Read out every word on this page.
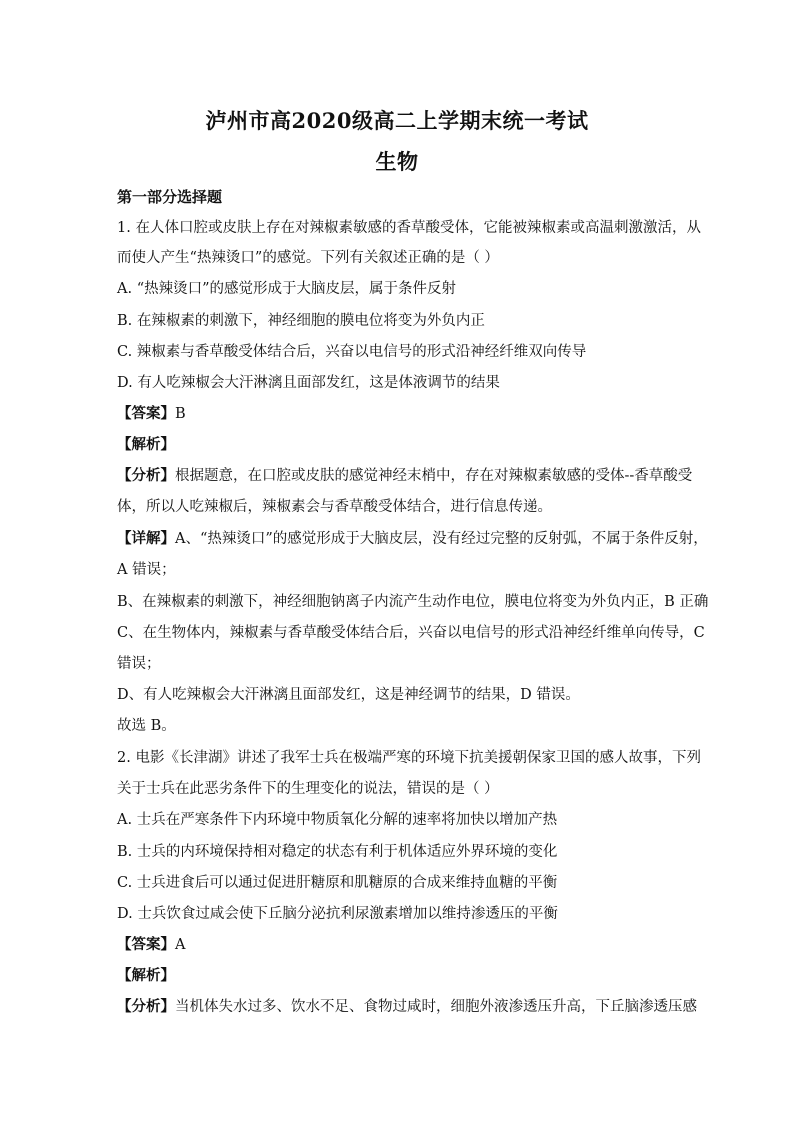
泸州市高2020级高二上学期末统一考试
生物
第一部分选择题
1. 在人体口腔或皮肤上存在对辣椒素敏感的香草酸受体，它能被辣椒素或高温刺激激活，从
而使人产生“热辣烫口”的感觉。下列有关叙述正确的是（ ）
A. “热辣烫口”的感觉形成于大脑皮层，属于条件反射
B. 在辣椒素的刺激下，神经细胞的膜电位将变为外负内正
C. 辣椒素与香草酸受体结合后，兴奋以电信号的形式沿神经纤维双向传导
D. 有人吃辣椒会大汗淋漓且面部发红，这是体液调节的结果
【答案】B
【解析】
【分析】根据题意，在口腔或皮肤的感觉神经末梢中，存在对辣椒素敏感的受体--香草酸受
体，所以人吃辣椒后，辣椒素会与香草酸受体结合，进行信息传递。
【详解】A、“热辣烫口”的感觉形成于大脑皮层，没有经过完整的反射弧，不属于条件反射，
A 错误；
B、在辣椒素的刺激下，神经细胞钠离子内流产生动作电位，膜电位将变为外负内正，B 正确
C、在生物体内，辣椒素与香草酸受体结合后，兴奋以电信号的形式沿神经纤维单向传导，C
错误；
D、有人吃辣椒会大汗淋漓且面部发红，这是神经调节的结果，D 错误。
故选 B。
2. 电影《长津湖》讲述了我军士兵在极端严寒的环境下抗美援朝保家卫国的感人故事，下列
关于士兵在此恶劣条件下的生理变化的说法，错误的是（ ）
A. 士兵在严寒条件下内环境中物质氧化分解的速率将加快以增加产热
B. 士兵的内环境保持相对稳定的状态有利于机体适应外界环境的变化
C. 士兵进食后可以通过促进肝糖原和肌糖原的合成来维持血糖的平衡
D. 士兵饮食过咸会使下丘脑分泌抗利尿激素增加以维持渗透压的平衡
【答案】A
【解析】
【分析】当机体失水过多、饮水不足、食物过咸时，细胞外液渗透压升高，下丘脑渗透压感
